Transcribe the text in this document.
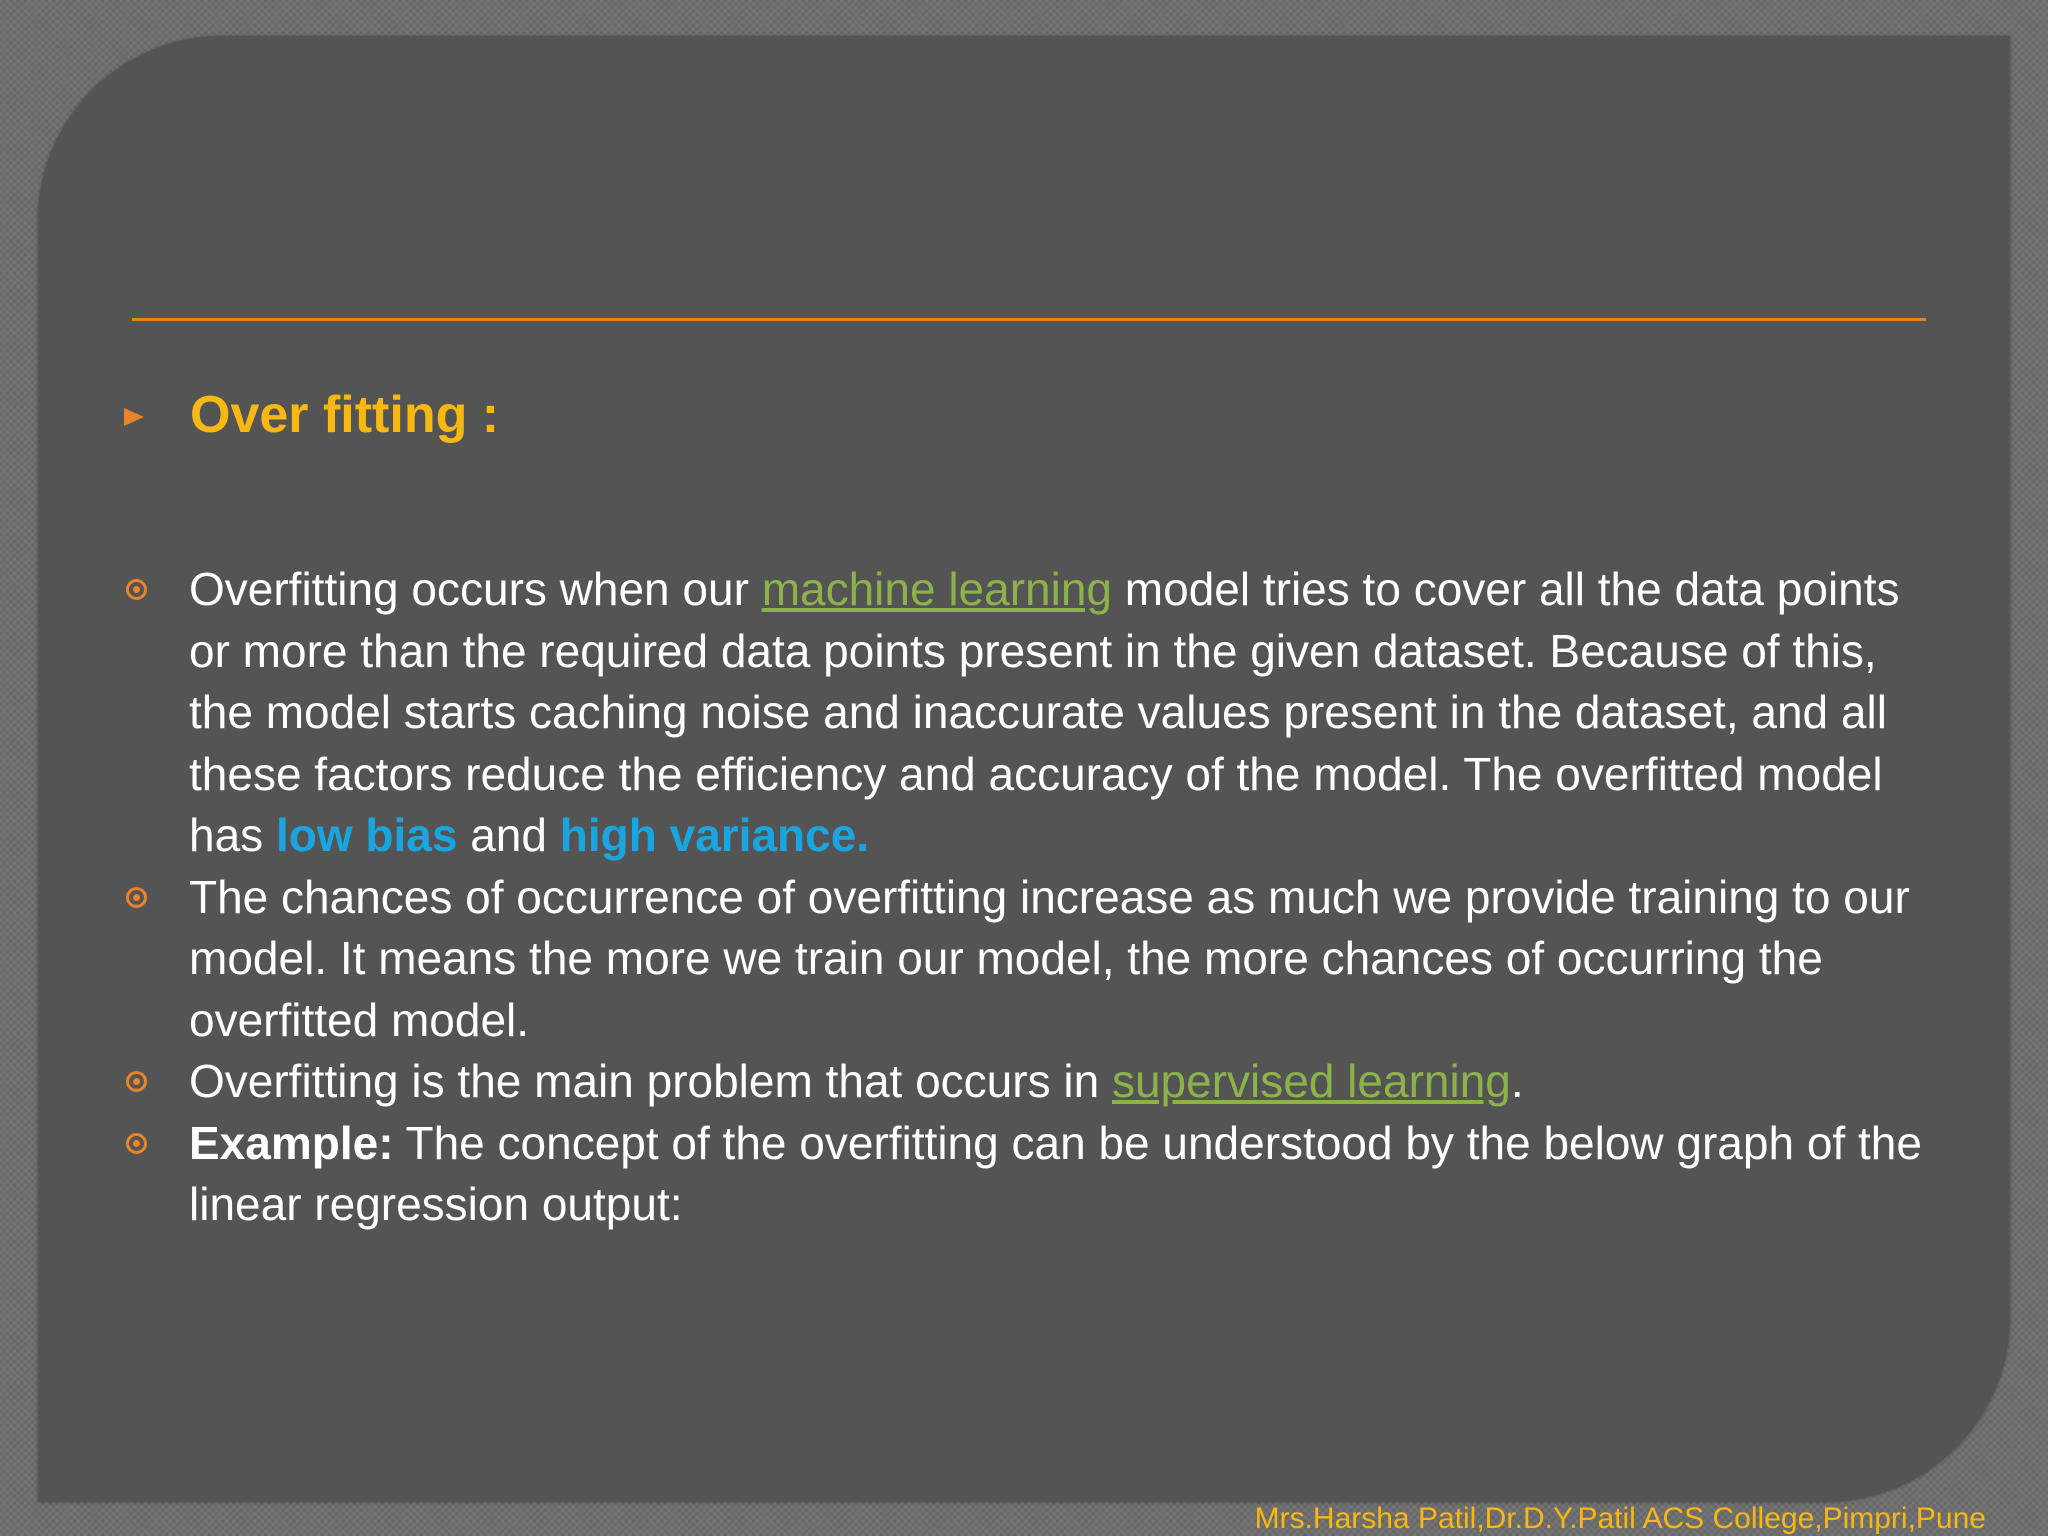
Over fitting :
Overfitting occurs when our machine learning model tries to cover all the data points or more than the required data points present in the given dataset. Because of this, the model starts caching noise and inaccurate values present in the dataset, and all these factors reduce the efficiency and accuracy of the model. The overfitted model has low bias and high variance.
The chances of occurrence of overfitting increase as much we provide training to our model. It means the more we train our model, the more chances of occurring the overfitted model.
Overfitting is the main problem that occurs in supervised learning.
Example: The concept of the overfitting can be understood by the below graph of the linear regression output:
Mrs.Harsha Patil,Dr.D.Y.Patil ACS College,Pimpri,Pune
